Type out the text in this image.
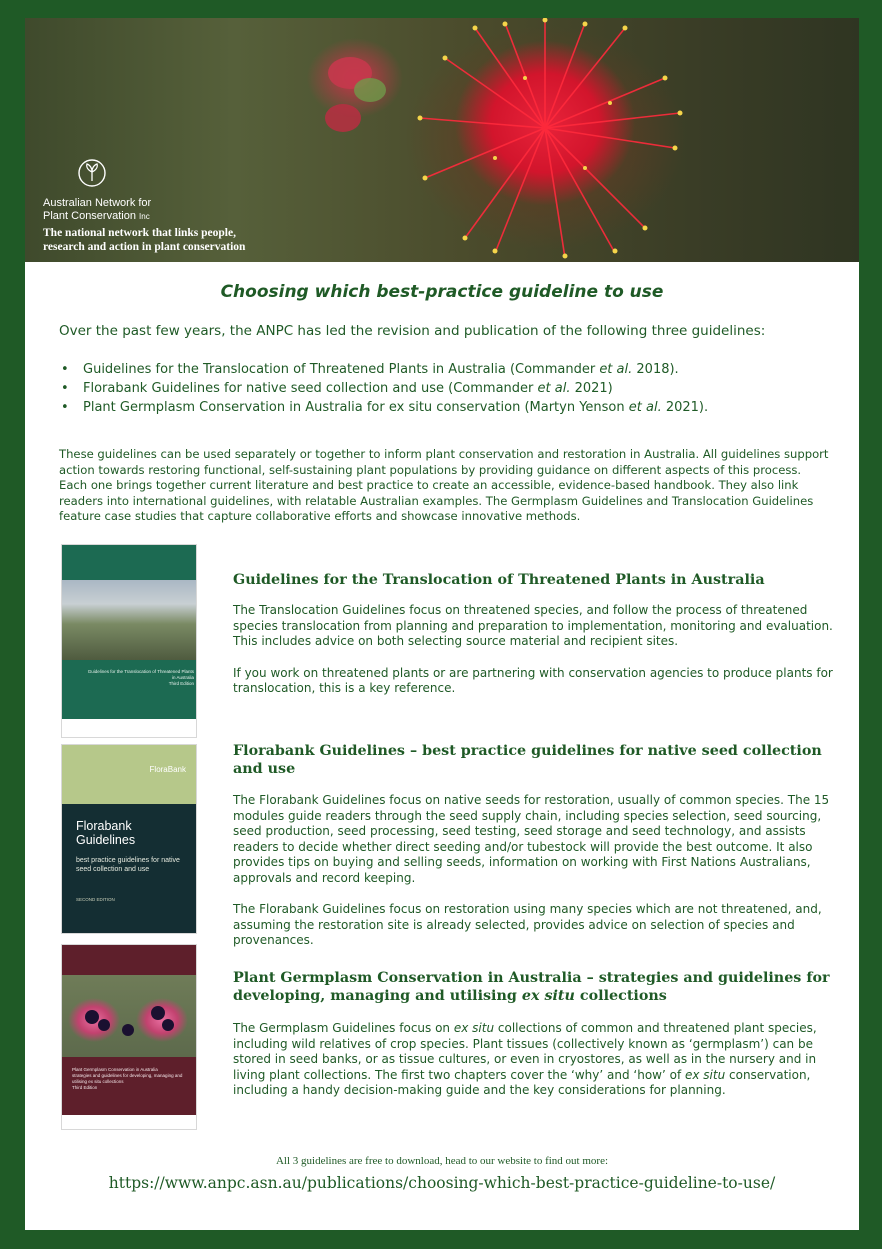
Australian Network for
Plant Conservation Inc
The national network that links people,
research and action in plant conservation
Choosing which best-practice guideline to use
Over the past few years, the ANPC has led the revision and publication of the following three guidelines:
• Guidelines for the Translocation of Threatened Plants in Australia (Commander et al. 2018).
• Florabank Guidelines for native seed collection and use (Commander et al. 2021)
• Plant Germplasm Conservation in Australia for ex situ conservation (Martyn Yenson et al. 2021).
These guidelines can be used separately or together to inform plant conservation and restoration in Australia. All guidelines support action towards restoring functional, self-sustaining plant populations by providing guidance on different aspects of this process. Each one brings together current literature and best practice to create an accessible, evidence-based handbook. They also link readers into international guidelines, with relatable Australian examples. The Germplasm Guidelines and Translocation Guidelines feature case studies that capture collaborative efforts and showcase innovative methods.
Guidelines for the Translocation of Threatened Plants in Australia
Third Edition
FloraBank
Florabank
Guidelines
best practice guidelines for native seed collection and use
SECOND EDITION
Plant Germplasm Conservation in Australia
strategies and guidelines for developing, managing and utilising ex situ collections
Third Edition
Guidelines for the Translocation of Threatened Plants in Australia

The Translocation Guidelines focus on threatened species, and follow the process of threatened species translocation from planning and preparation to implementation, monitoring and evaluation. This includes advice on both selecting source material and recipient sites.

If you work on threatened plants or are partnering with conservation agencies to produce plants for translocation, this is a key reference.

Florabank Guidelines – best practice guidelines for native seed collection and use

The Florabank Guidelines focus on native seeds for restoration, usually of common species. The 15 modules guide readers through the seed supply chain, including species selection, seed sourcing, seed production, seed processing, seed testing, seed storage and seed technology, and assists readers to decide whether direct seeding and/or tubestock will provide the best outcome. It also provides tips on buying and selling seeds, information on working with First Nations Australians, approvals and record keeping.

The Florabank Guidelines focus on restoration using many species which are not threatened, and, assuming the restoration site is already selected, provides advice on selection of species and provenances.

Plant Germplasm Conservation in Australia – strategies and guidelines for developing, managing and utilising ex situ collections

The Germplasm Guidelines focus on ex situ collections of common and threatened plant species, including wild relatives of crop species. Plant tissues (collectively known as ‘germplasm’) can be stored in seed banks, or as tissue cultures, or even in cryostores, as well as in the nursery and in living plant collections. The first two chapters cover the ‘why’ and ‘how’ of ex situ conservation, including a handy decision-making guide and the key considerations for planning.

All 3 guidelines are free to download, head to our website to find out more:
https://www.anpc.asn.au/publications/choosing-which-best-practice-guideline-to-use/
